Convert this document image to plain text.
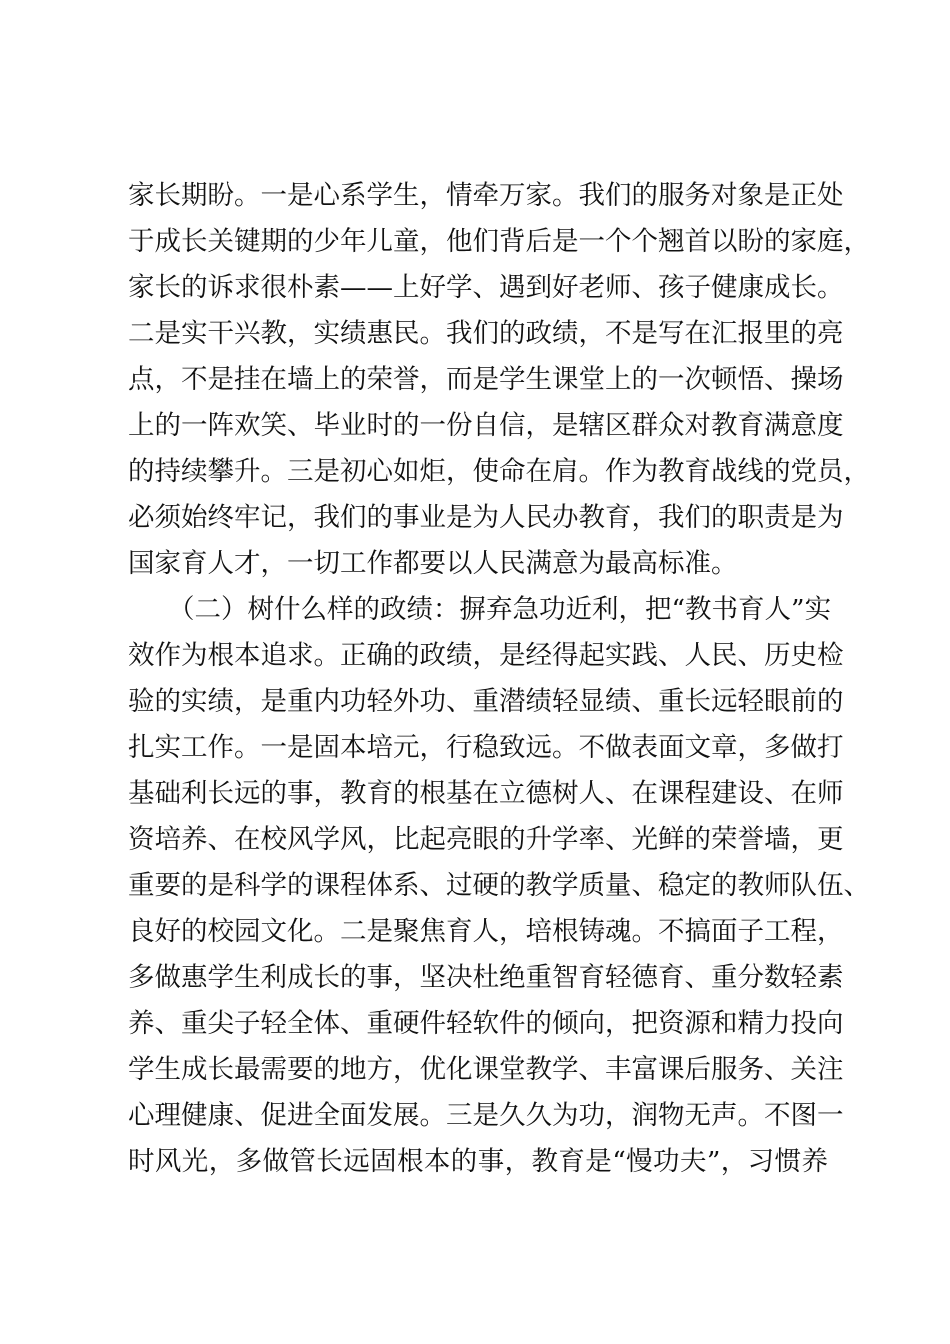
家长期盼。一是心系学生，情牵万家。我们的服务对象是正处
于成长关键期的少年儿童，他们背后是一个个翘首以盼的家庭，
家长的诉求很朴素——上好学、遇到好老师、孩子健康成长。
二是实干兴教，实绩惠民。我们的政绩，不是写在汇报里的亮
点，不是挂在墙上的荣誉，而是学生课堂上的一次顿悟、操场
上的一阵欢笑、毕业时的一份自信，是辖区群众对教育满意度
的持续攀升。三是初心如炬，使命在肩。作为教育战线的党员，
必须始终牢记，我们的事业是为人民办教育，我们的职责是为
国家育人才，一切工作都要以人民满意为最高标准。
（二）树什么样的政绩：摒弃急功近利，把“教书育人”实
效作为根本追求。正确的政绩，是经得起实践、人民、历史检
验的实绩，是重内功轻外功、重潜绩轻显绩、重长远轻眼前的
扎实工作。一是固本培元，行稳致远。不做表面文章，多做打
基础利长远的事，教育的根基在立德树人、在课程建设、在师
资培养、在校风学风，比起亮眼的升学率、光鲜的荣誉墙，更
重要的是科学的课程体系、过硬的教学质量、稳定的教师队伍、
良好的校园文化。二是聚焦育人，培根铸魂。不搞面子工程，
多做惠学生利成长的事，坚决杜绝重智育轻德育、重分数轻素
养、重尖子轻全体、重硬件轻软件的倾向，把资源和精力投向
学生成长最需要的地方，优化课堂教学、丰富课后服务、关注
心理健康、促进全面发展。三是久久为功，润物无声。不图一
时风光，多做管长远固根本的事，教育是“慢功夫”，习惯养
